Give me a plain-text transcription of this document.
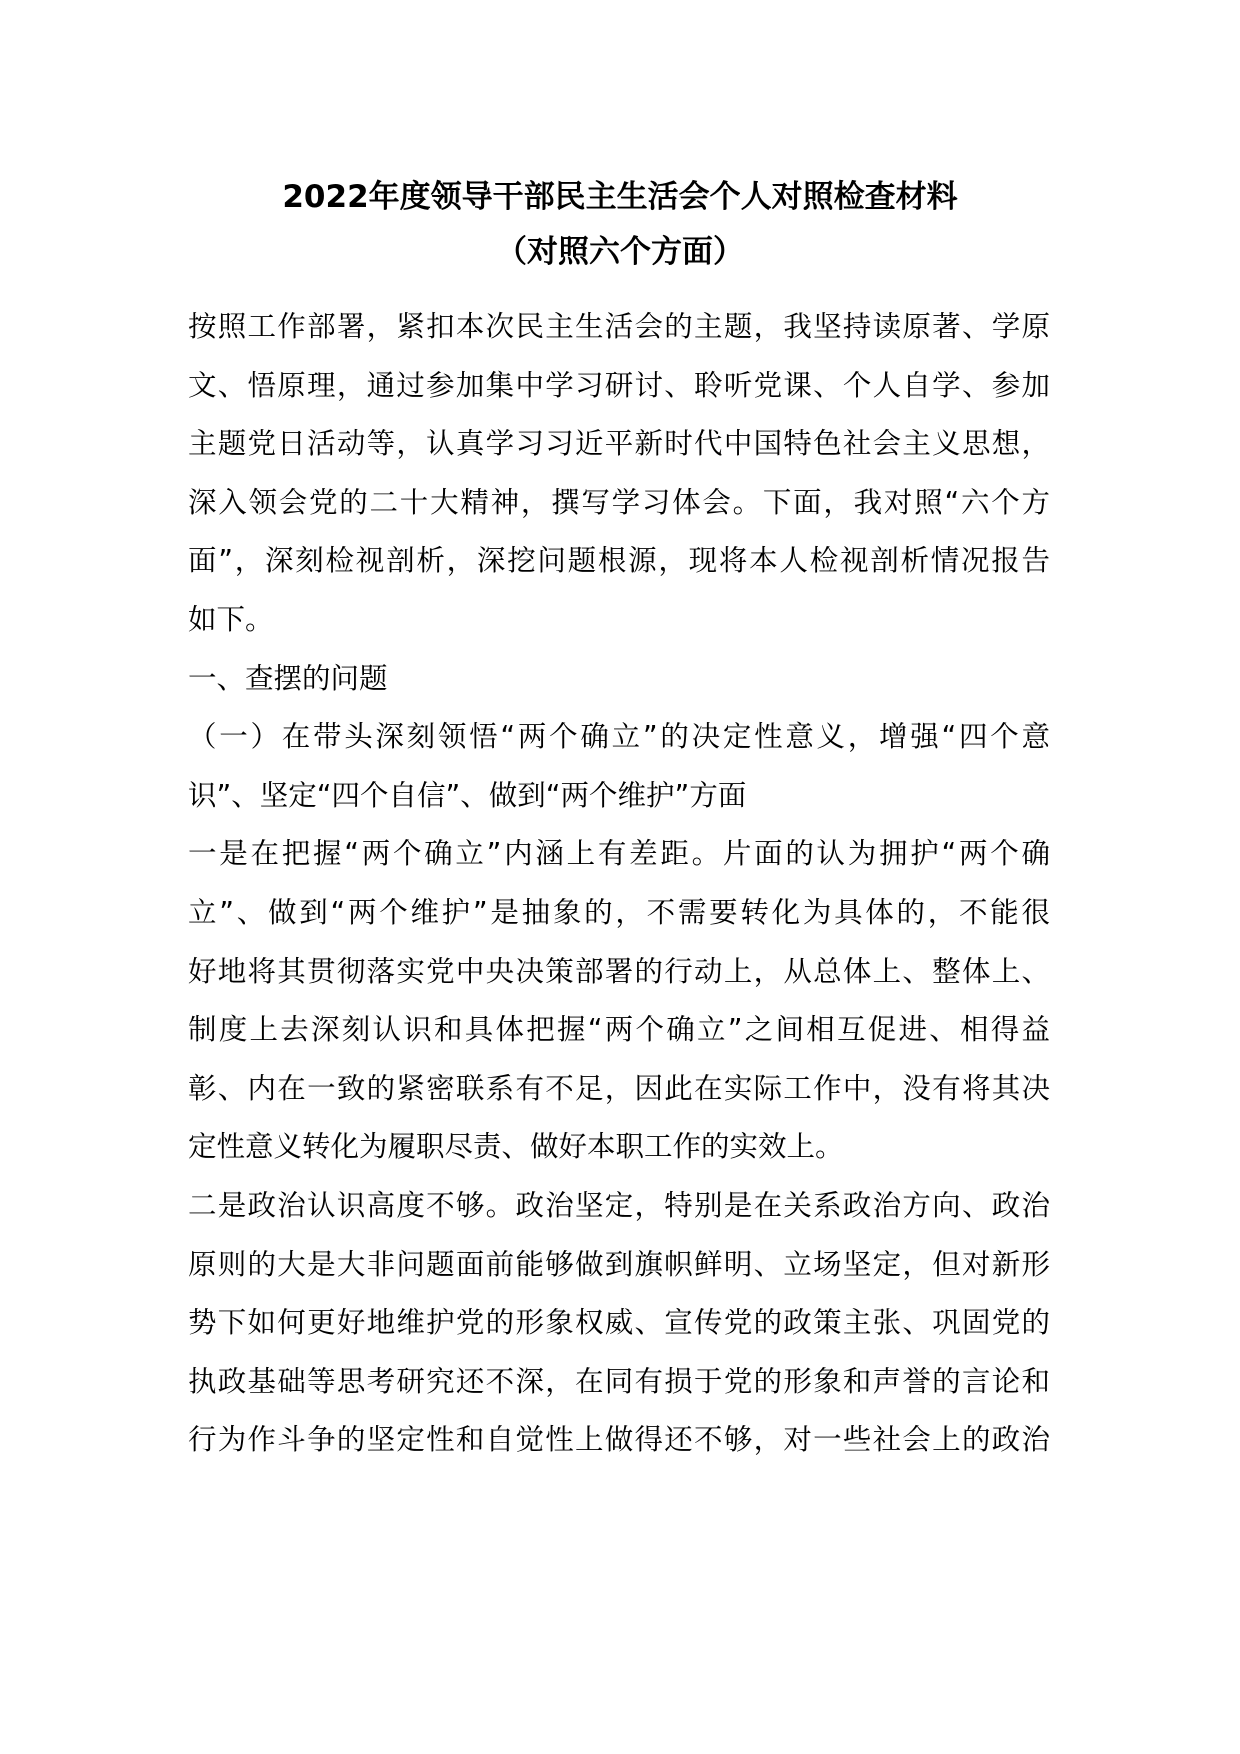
2022年度领导干部民主生活会个人对照检查材料
（对照六个方面）
按照工作部署，紧扣本次民主生活会的主题，我坚持读原著、学原
文、悟原理，通过参加集中学习研讨、聆听党课、个人自学、参加
主题党日活动等，认真学习习近平新时代中国特色社会主义思想，
深入领会党的二十大精神，撰写学习体会。下面，我对照“六个方
面”，深刻检视剖析，深挖问题根源，现将本人检视剖析情况报告
如下。
一、查摆的问题
（一）在带头深刻领悟“两个确立”的决定性意义，增强“四个意
识”、坚定“四个自信”、做到“两个维护”方面
一是在把握“两个确立”内涵上有差距。片面的认为拥护“两个确
立”、做到“两个维护”是抽象的，不需要转化为具体的，不能很
好地将其贯彻落实党中央决策部署的行动上，从总体上、整体上、
制度上去深刻认识和具体把握“两个确立”之间相互促进、相得益
彰、内在一致的紧密联系有不足，因此在实际工作中，没有将其决
定性意义转化为履职尽责、做好本职工作的实效上。
二是政治认识高度不够。政治坚定，特别是在关系政治方向、政治
原则的大是大非问题面前能够做到旗帜鲜明、立场坚定，但对新形
势下如何更好地维护党的形象权威、宣传党的政策主张、巩固党的
执政基础等思考研究还不深，在同有损于党的形象和声誉的言论和
行为作斗争的坚定性和自觉性上做得还不够，对一些社会上的政治
